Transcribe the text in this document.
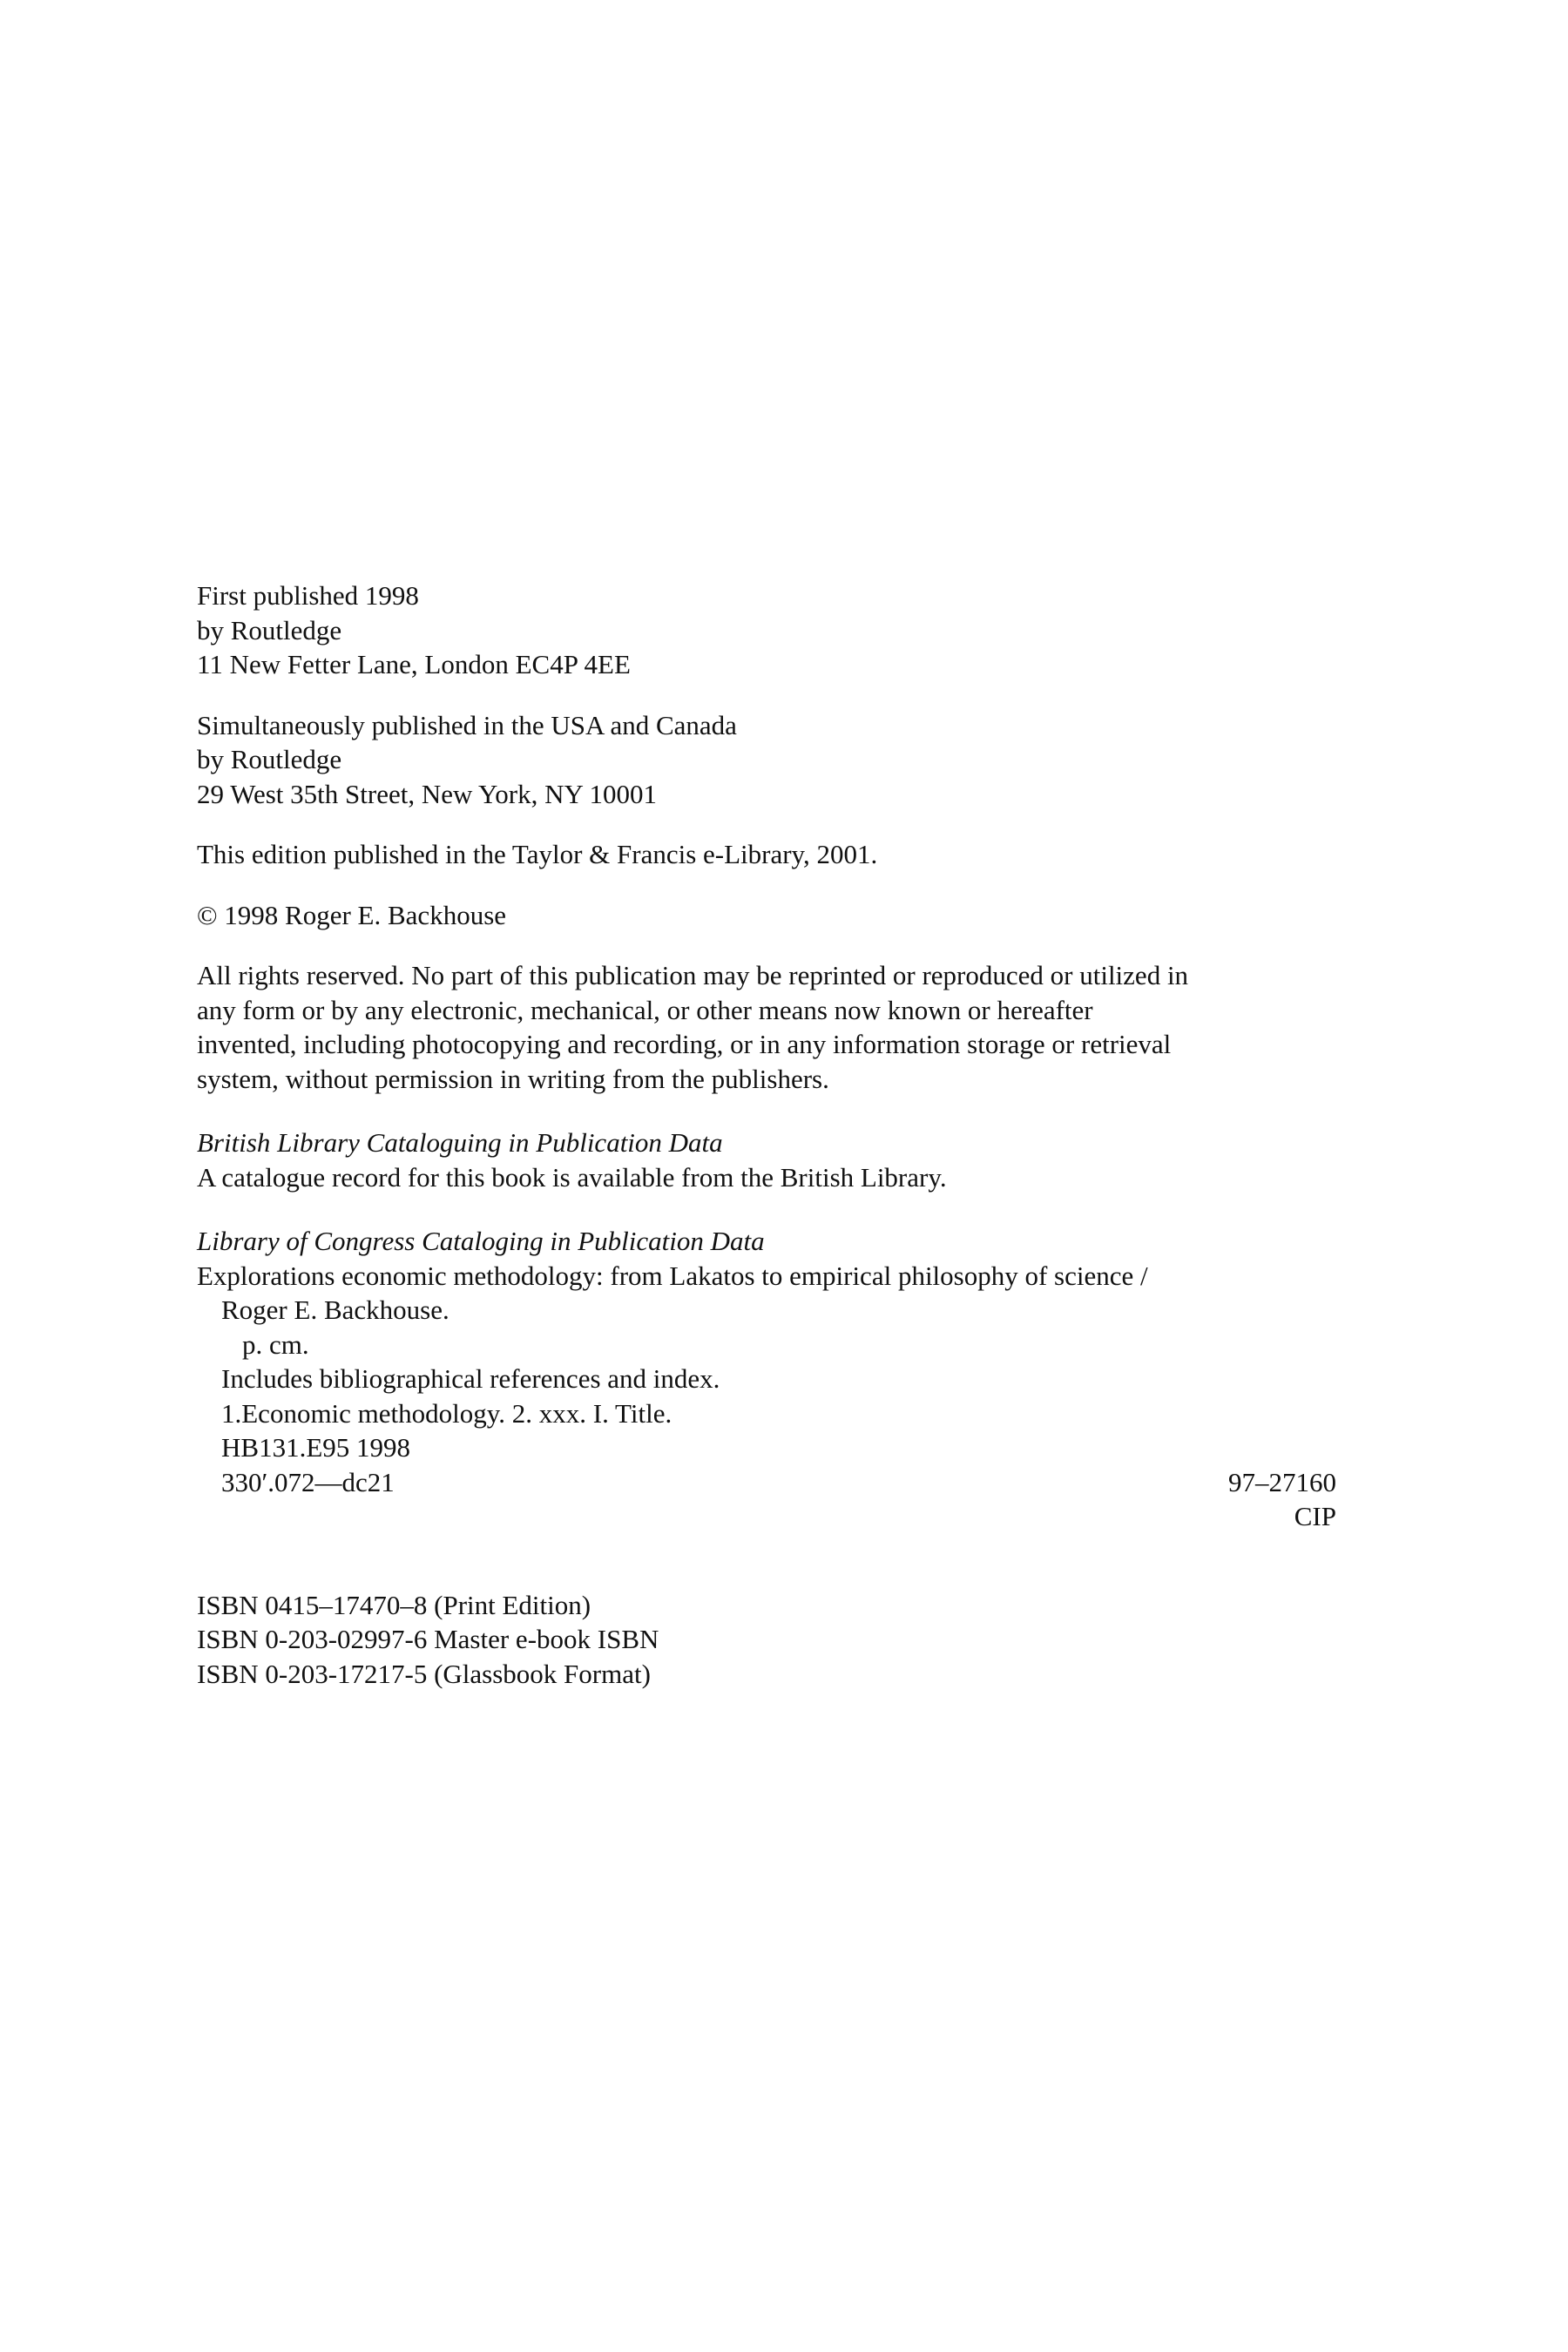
First published 1998
by Routledge
11 New Fetter Lane, London EC4P 4EE
Simultaneously published in the USA and Canada
by Routledge
29 West 35th Street, New York, NY 10001
This edition published in the Taylor & Francis e-Library, 2001.
© 1998 Roger E. Backhouse
All rights reserved. No part of this publication may be reprinted or reproduced or utilized in
any form or by any electronic, mechanical, or other means now known or hereafter
invented, including photocopying and recording, or in any information storage or retrieval
system, without permission in writing from the publishers.
British Library Cataloguing in Publication Data
A catalogue record for this book is available from the British Library.
Library of Congress Cataloging in Publication Data
Explorations economic methodology: from Lakatos to empirical philosophy of science /
Roger E. Backhouse.
p. cm.
Includes bibliographical references and index.
1.Economic methodology. 2. xxx. I. Title.
HB131.E95 1998
330′.072—dc21	97–27160
CIP
ISBN 0415–17470–8 (Print Edition)
ISBN 0-203-02997-6 Master e-book ISBN
ISBN 0-203-17217-5 (Glassbook Format)
